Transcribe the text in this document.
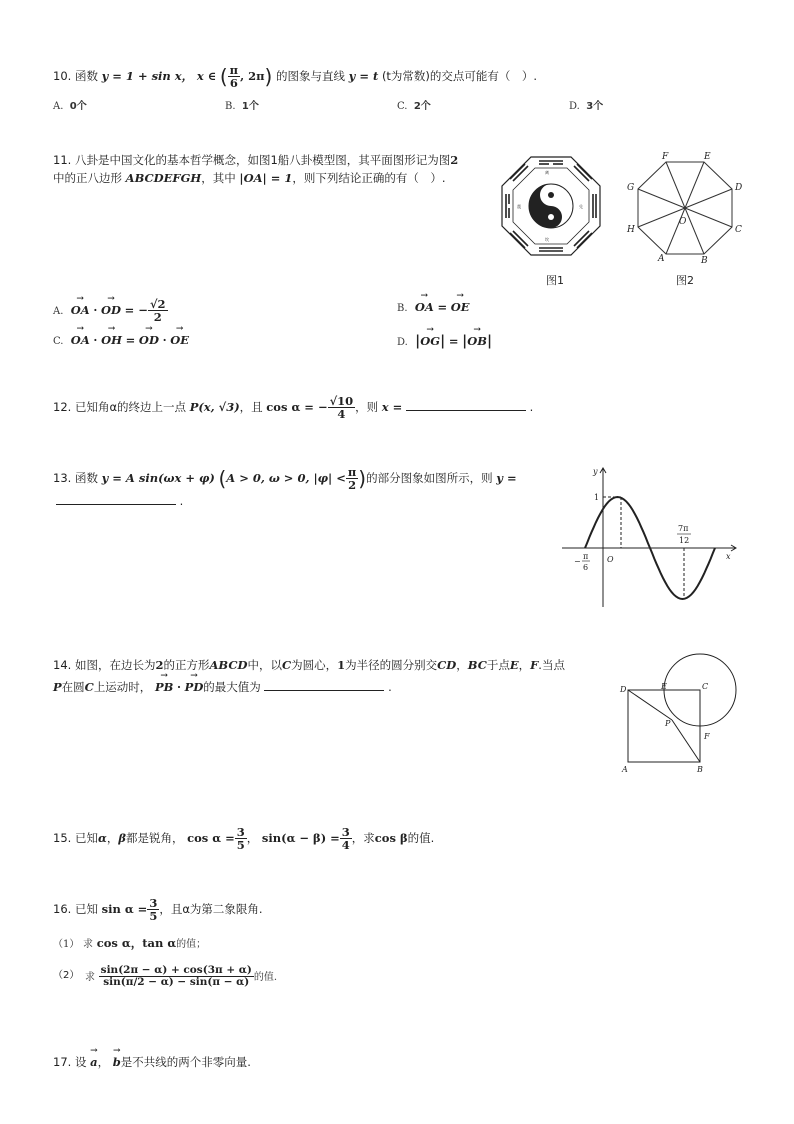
10. 函数 y = 1 + sin x， x ∈ ( $\frac{\pi}{6}$ , 2π) 的图象与直线 y = t (t为常数)的交点可能有（　）.
A. 0个	B. 1个	C. 2个	D. 3个
11. 八卦是中国文化的基本哲学概念，如图1船八卦模型图，其平面图形记为图2
中的正八边形 ABCDEFGH，其中 |OA| = 1，则下列结论正确的有（　）.	离
坎
震	兑
图1
A	B
C
D
E
F
G
H
O
图2
A. → OA · → OD = − $\frac{√2}{2}$	B. → OA = → OE
C. → OA · → OH = → OD · → OE	D. |→ OG| = |→ OB|
12. 已知角α的终边上一点 P(x, √3)，且 cos α = − $\frac{√10}{4}$ ，则 x =	.
13. 函数 y = A sin(ωx + φ) (A > 0, ω > 0, $|\varphi| < \frac{\pi}{2}$ )的部分图象如图所示，则 y =
.
y
x
O
1
−
π
6
7π
12
14. 如图，在边长为2的正方形ABCD中，以C为圆心，1为半径的圆分别交CD，BC于点E，F.当点
P在圆C上运动时， → PB · → PD的最大值为	.	D	E	C
P
F
A	B
15. 已知α，β都是锐角， $\cos \alpha = \frac{3}{5}$ ， $\sin(\alpha - \beta) = \frac{3}{4}$ ，求cos β的值.
16. 已知 $\sin \alpha = \frac{3}{5}$ ，且α为第二象限角.
（1） 求 cos α，tan α的值；
（2） 求 $\frac{\sin(2\pi - \alpha) + \cos(3\pi + \alpha)}{\sin(\pi/2 - \alpha) - \sin(\pi - \alpha)}$ 的值.
17. 设 → a， → b是不共线的两个非零向量.
